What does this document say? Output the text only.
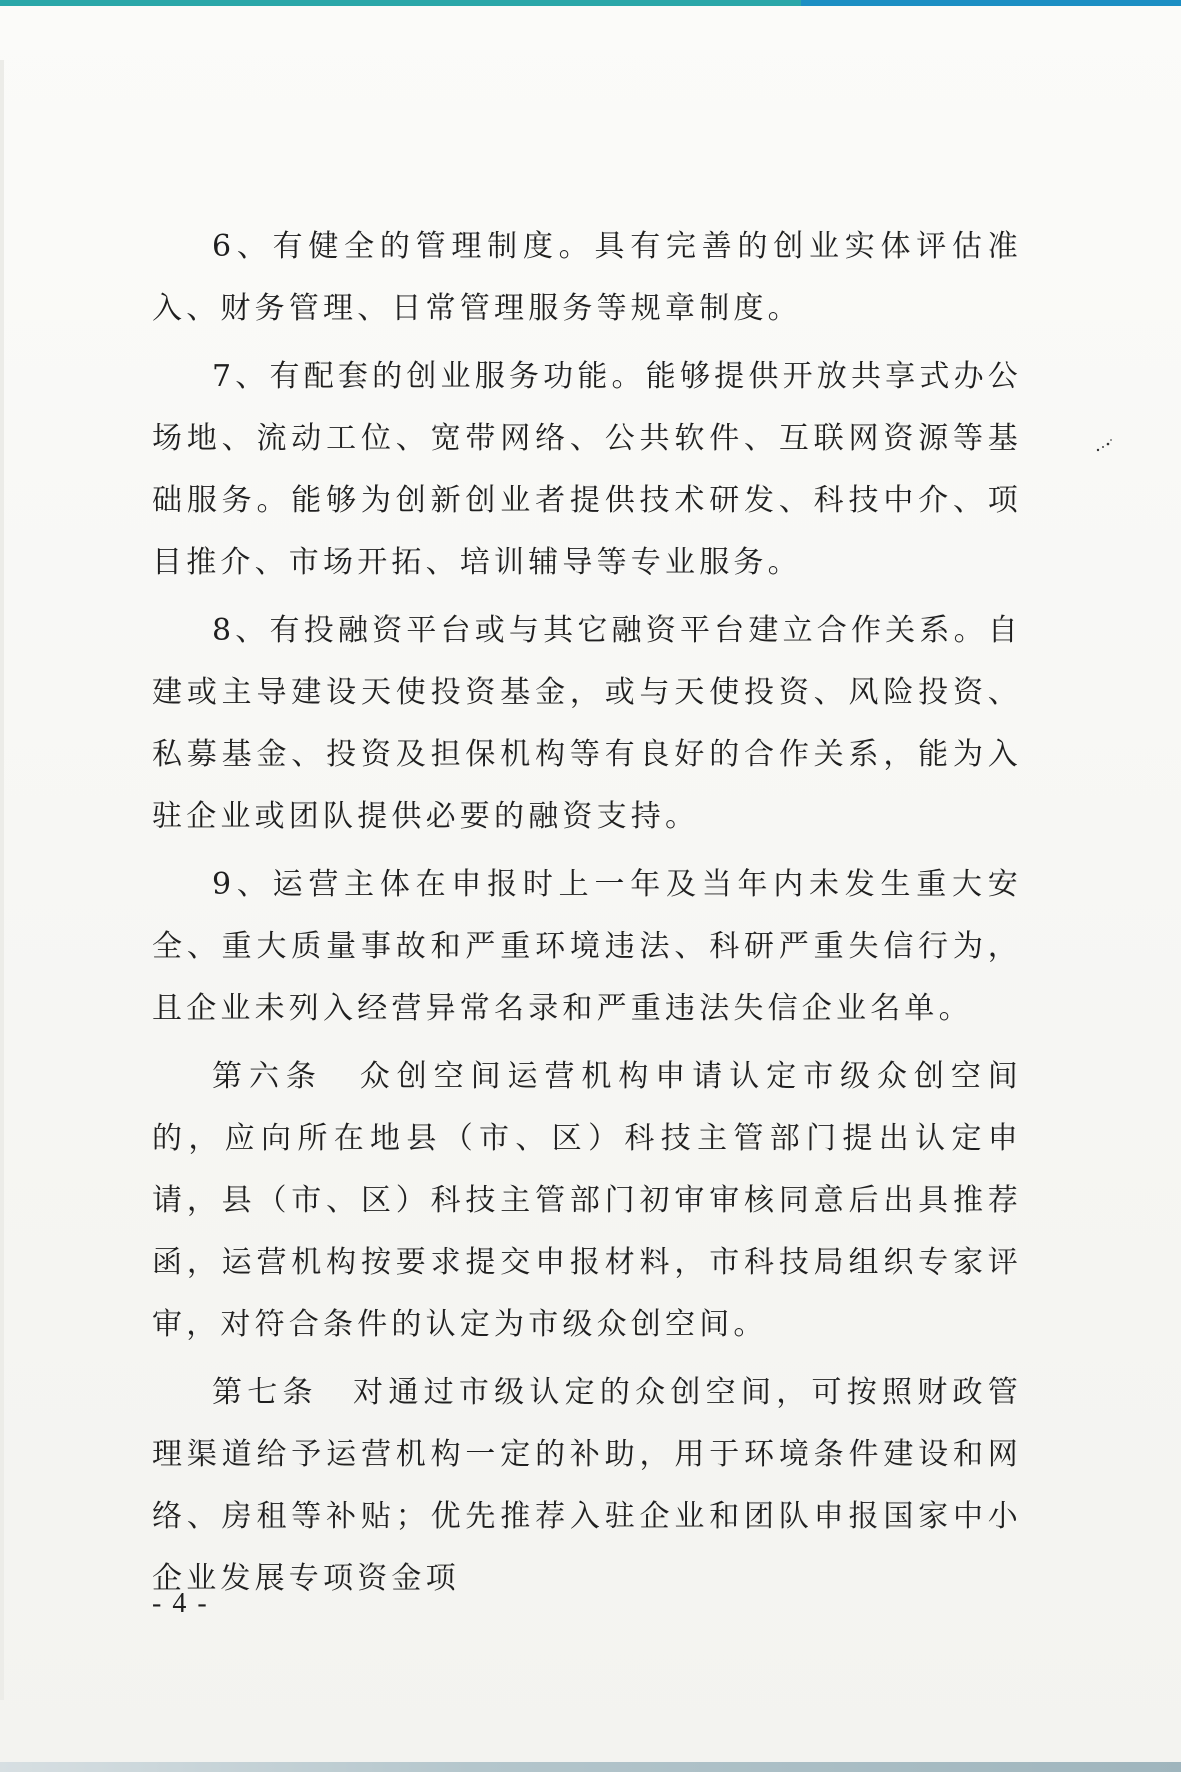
6、有健全的管理制度。具有完善的创业实体评估准入、财务管理、日常管理服务等规章制度。

7、有配套的创业服务功能。能够提供开放共享式办公场地、流动工位、宽带网络、公共软件、互联网资源等基础服务。能够为创新创业者提供技术研发、科技中介、项目推介、市场开拓、培训辅导等专业服务。

8、有投融资平台或与其它融资平台建立合作关系。自建或主导建设天使投资基金，或与天使投资、风险投资、私募基金、投资及担保机构等有良好的合作关系，能为入驻企业或团队提供必要的融资支持。

9、运营主体在申报时上一年及当年内未发生重大安全、重大质量事故和严重环境违法、科研严重失信行为，且企业未列入经营异常名录和严重违法失信企业名单。

第六条　众创空间运营机构申请认定市级众创空间的，应向所在地县（市、区）科技主管部门提出认定申请，县（市、区）科技主管部门初审审核同意后出具推荐函，运营机构按要求提交申报材料，市科技局组织专家评审，对符合条件的认定为市级众创空间。

第七条　对通过市级认定的众创空间，可按照财政管理渠道给予运营机构一定的补助，用于环境条件建设和网络、房租等补贴；优先推荐入驻企业和团队申报国家中小企业发展专项资金项

- 4 -
